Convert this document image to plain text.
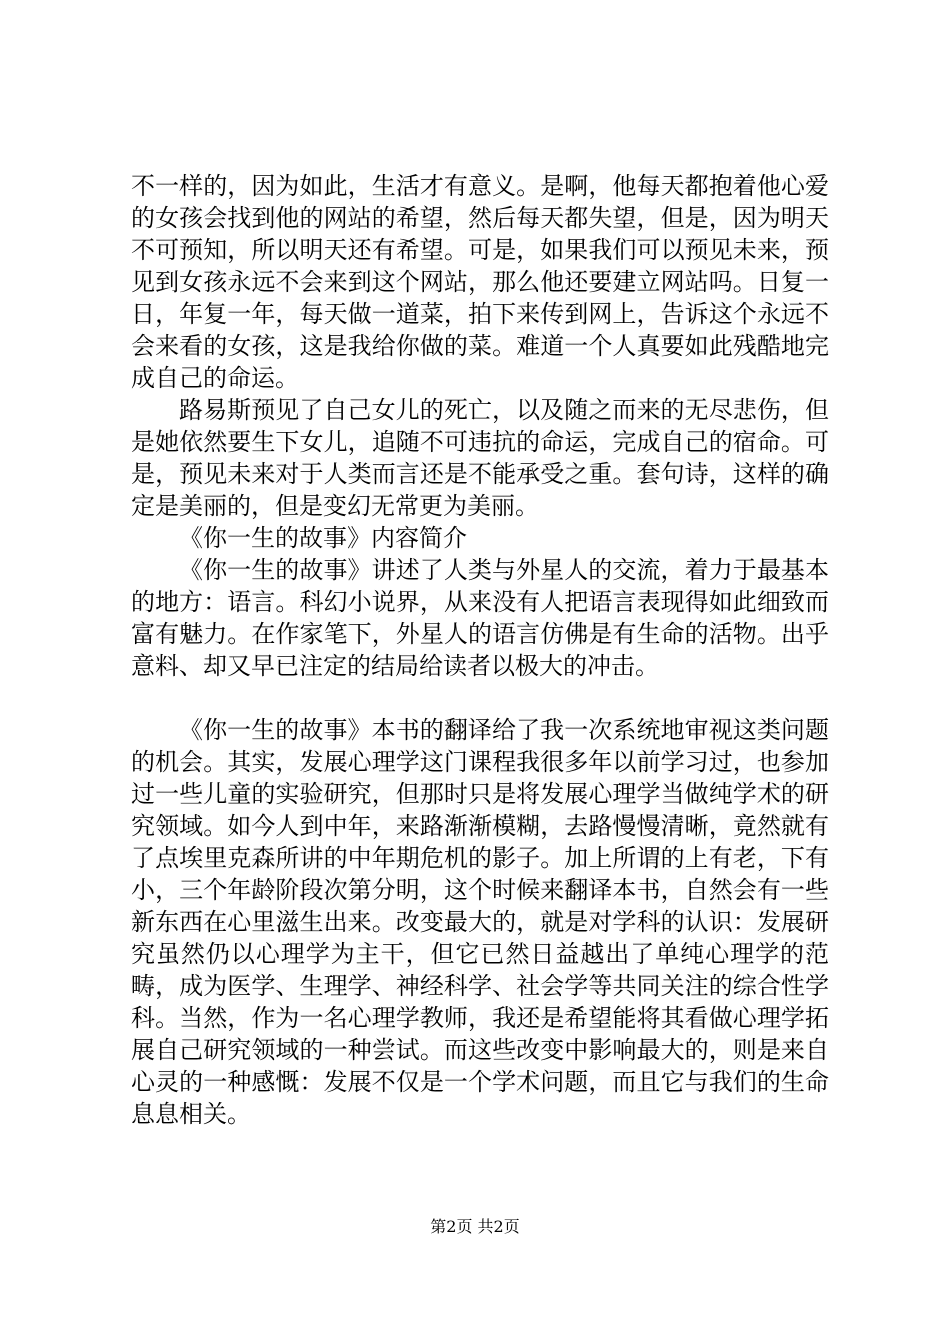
不一样的，因为如此，生活才有意义。是啊，他每天都抱着他心爱的女孩会找到他的网站的希望，然后每天都失望，但是，因为明天不可预知，所以明天还有希望。可是，如果我们可以预见未来，预见到女孩永远不会来到这个网站，那么他还要建立网站吗。日复一日，年复一年，每天做一道菜，拍下来传到网上，告诉这个永远不会来看的女孩，这是我给你做的菜。难道一个人真要如此残酷地完成自己的命运。

路易斯预见了自己女儿的死亡，以及随之而来的无尽悲伤，但是她依然要生下女儿，追随不可违抗的命运，完成自己的宿命。可是，预见未来对于人类而言还是不能承受之重。套句诗，这样的确定是美丽的，但是变幻无常更为美丽。

《你一生的故事》内容简介

《你一生的故事》讲述了人类与外星人的交流，着力于最基本的地方：语言。科幻小说界，从来没有人把语言表现得如此细致而富有魅力。在作家笔下，外星人的语言仿佛是有生命的活物。出乎意料、却又早已注定的结局给读者以极大的冲击。

《你一生的故事》本书的翻译给了我一次系统地审视这类问题的机会。其实，发展心理学这门课程我很多年以前学习过，也参加过一些儿童的实验研究，但那时只是将发展心理学当做纯学术的研究领域。如今人到中年，来路渐渐模糊，去路慢慢清晰，竟然就有了点埃里克森所讲的中年期危机的影子。加上所谓的上有老，下有小，三个年龄阶段次第分明，这个时候来翻译本书，自然会有一些新东西在心里滋生出来。改变最大的，就是对学科的认识：发展研究虽然仍以心理学为主干，但它已然日益越出了单纯心理学的范畴，成为医学、生理学、神经科学、社会学等共同关注的综合性学科。当然，作为一名心理学教师，我还是希望能将其看做心理学拓展自己研究领域的一种尝试。而这些改变中影响最大的，则是来自心灵的一种感慨：发展不仅是一个学术问题，而且它与我们的生命息息相关。

第2页 共2页
